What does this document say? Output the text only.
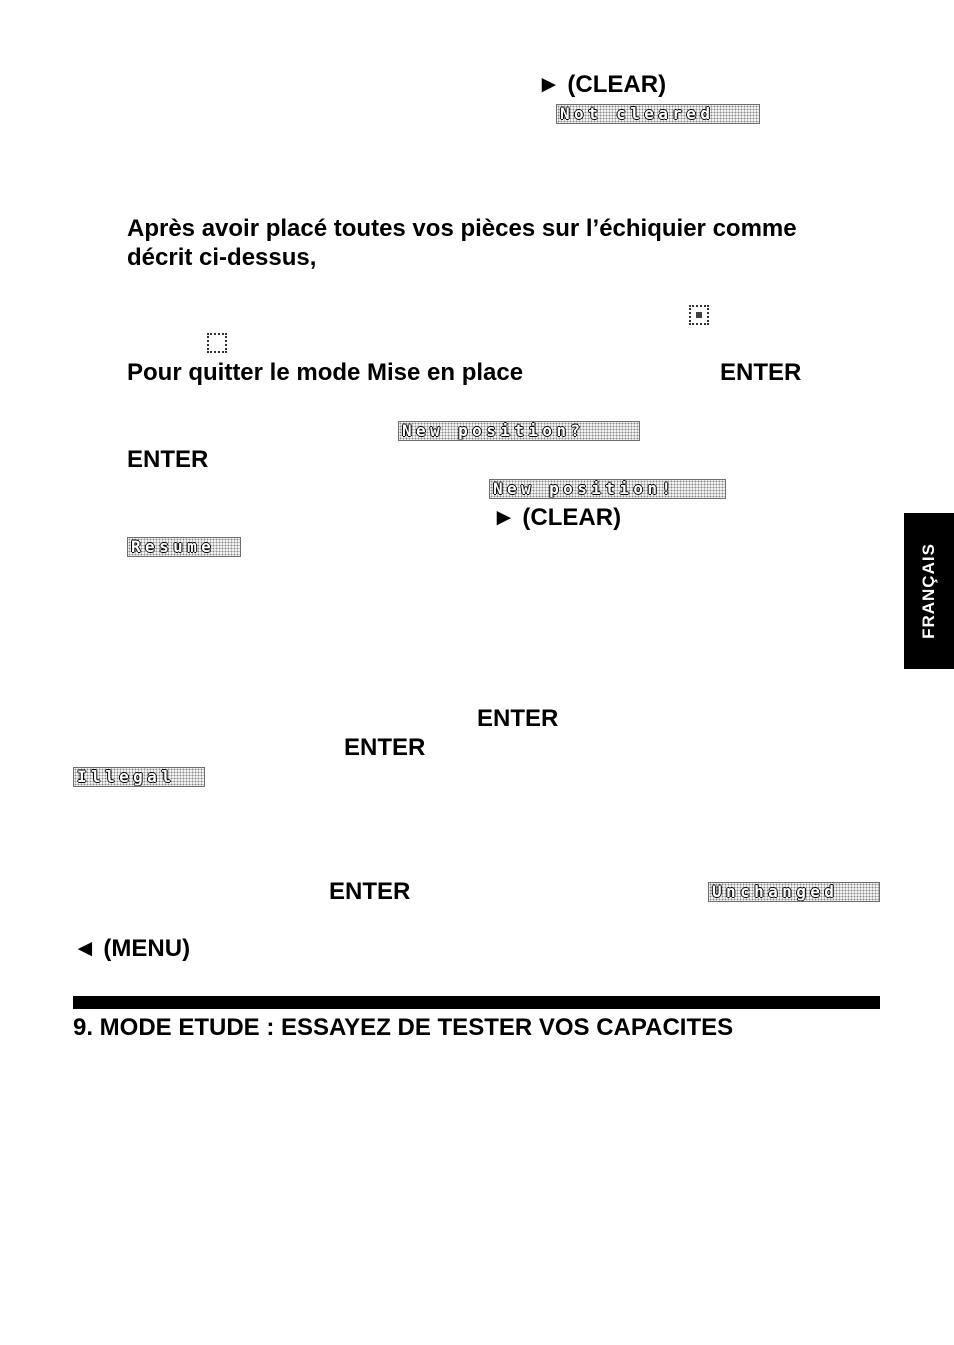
► (CLEAR)
Not cleared
Après avoir placé toutes vos pièces sur l’échiquier comme décrit ci-dessus,
Pour quitter le mode Mise en place	ENTER
New position?
ENTER
New position!
► (CLEAR)
Resume
ENTER
ENTER
Illegal
ENTER	Unchanged
◄ (MENU)
9. MODE ETUDE : ESSAYEZ DE TESTER VOS CAPACITES
FRANÇAIS
